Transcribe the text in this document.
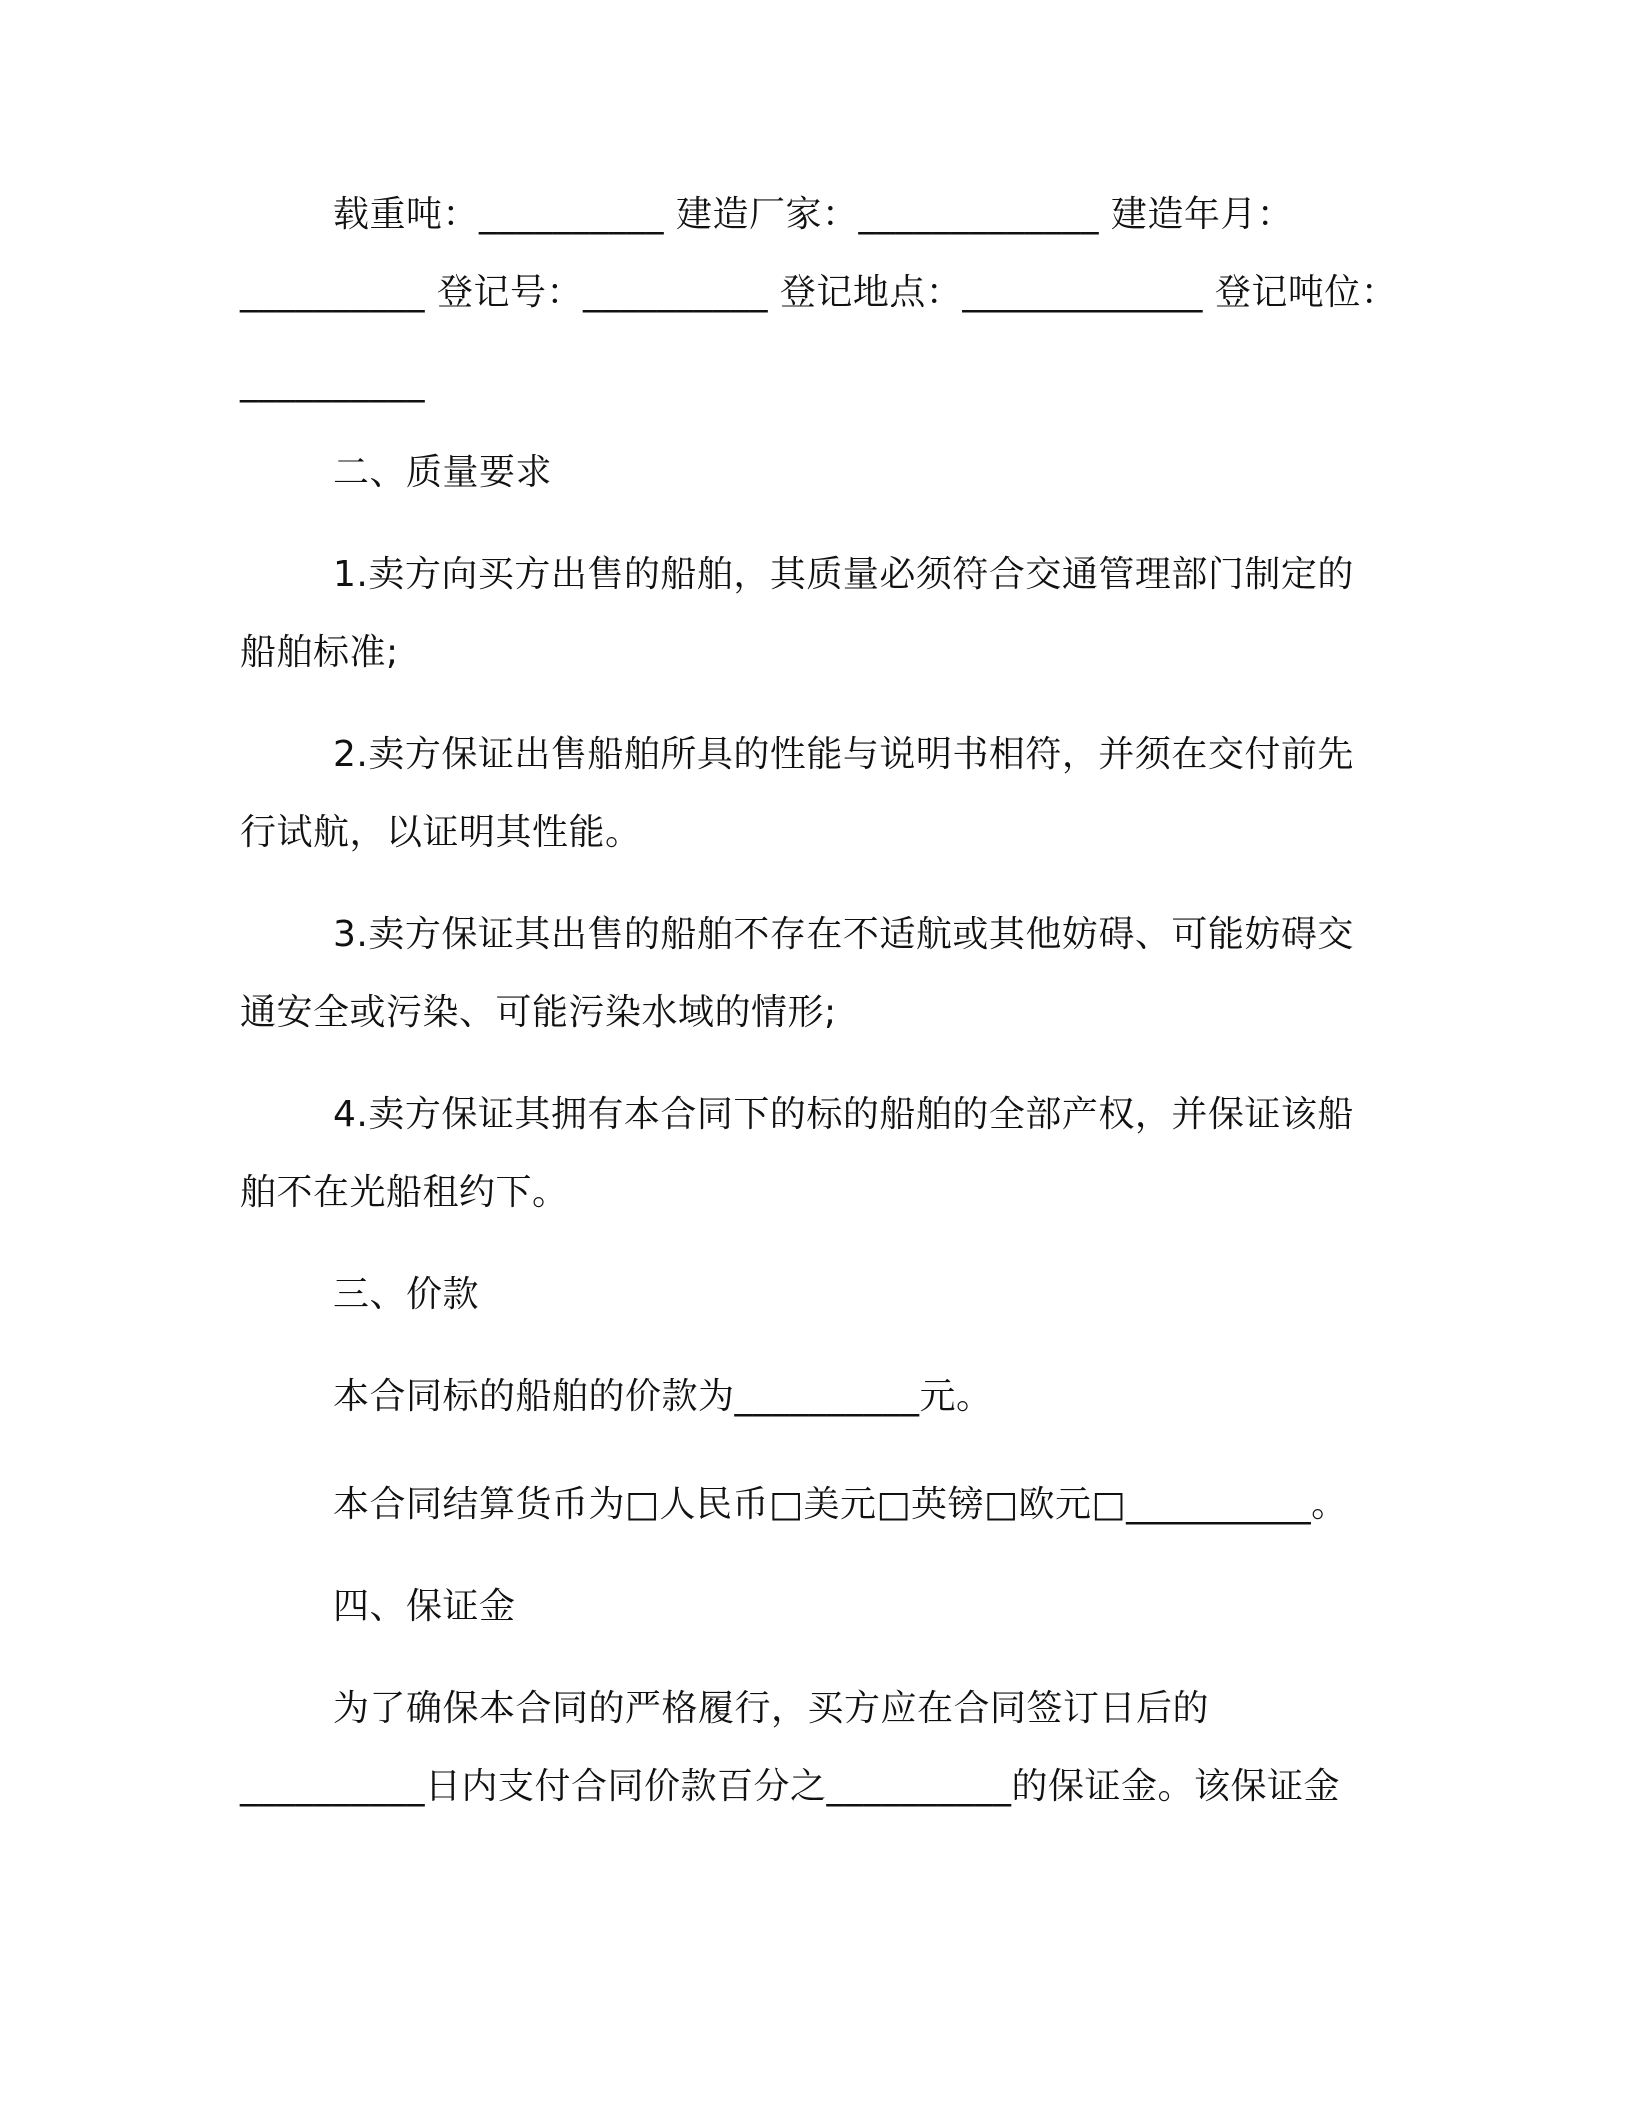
载重吨：__________ 建造厂家：_____________ 建造年月：
__________ 登记号：__________ 登记地点：_____________ 登记吨位：
__________
二、质量要求
1.卖方向买方出售的船舶，其质量必须符合交通管理部门制定的
船舶标准;
2.卖方保证出售船舶所具的性能与说明书相符，并须在交付前先
行试航，以证明其性能。
3.卖方保证其出售的船舶不存在不适航或其他妨碍、可能妨碍交
通安全或污染、可能污染水域的情形;
4.卖方保证其拥有本合同下的标的船舶的全部产权，并保证该船
舶不在光船租约下。
三、价款
本合同标的船舶的价款为__________元。
本合同结算货币为□人民币□美元□英镑□欧元□__________。
四、保证金
为了确保本合同的严格履行，买方应在合同签订日后的
__________日内支付合同价款百分之__________的保证金。该保证金
